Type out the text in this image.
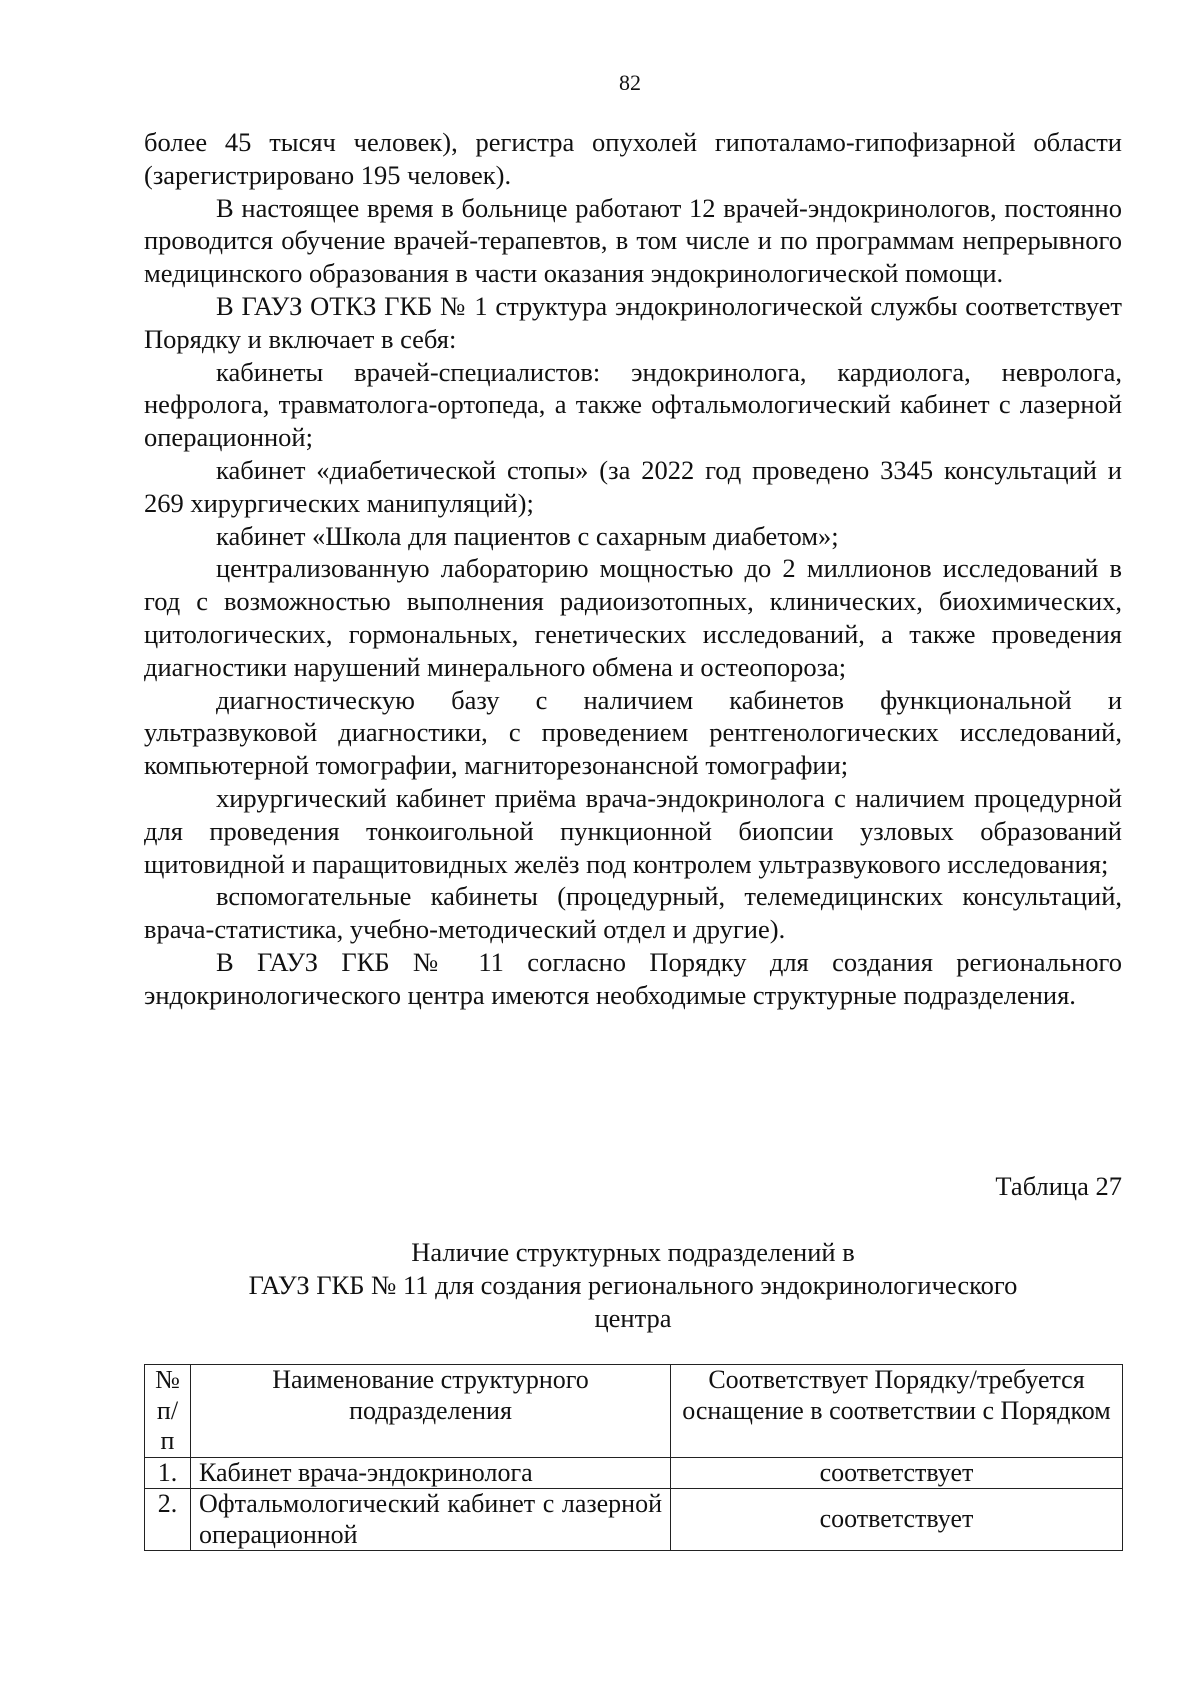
82

более 45 тысяч человек), регистра опухолей гипоталамо-гипофизарной области (зарегистрировано 195 человек).

В настоящее время в больнице работают 12 врачей-эндокринологов, постоянно проводится обучение врачей-терапевтов, в том числе и по программам непрерывного медицинского образования в части оказания эндокринологической помощи.

В ГАУЗ ОТКЗ ГКБ № 1 структура эндокринологической службы соответствует Порядку и включает в себя:

кабинеты врачей-специалистов: эндокринолога, кардиолога, невролога, нефролога, травматолога-ортопеда, а также офтальмологический кабинет с лазерной операционной;

кабинет «диабетической стопы» (за 2022 год проведено 3345 консультаций и 269 хирургических манипуляций);

кабинет «Школа для пациентов с сахарным диабетом»;

централизованную лабораторию мощностью до 2 миллионов исследований в год с возможностью выполнения радиоизотопных, клинических, биохимических, цитологических, гормональных, генетических исследований, а также проведения диагностики нарушений минерального обмена и остеопороза;

диагностическую базу с наличием кабинетов функциональной и ультразвуковой диагностики, с проведением рентгенологических исследований, компьютерной томографии, магниторезонансной томографии;

хирургический кабинет приёма врача-эндокринолога с наличием процедурной для проведения тонкоигольной пункционной биопсии узловых образований щитовидной и паращитовидных желёз под контролем ультразвукового исследования;

вспомогательные кабинеты (процедурный, телемедицинских консультаций, врача-статистика, учебно-методический отдел и другие).

В ГАУЗ ГКБ № 11 согласно Порядку для создания регионального эндокринологического центра имеются необходимые структурные подразделения.

Таблица 27
Наличие структурных подразделений в
ГАУЗ ГКБ № 11 для создания регионального эндокринологического
центра
№ п/ п	Наименование структурного подразделения	Соответствует Порядку/требуется оснащение в соответствии с Порядком
1.	Кабинет врача-эндокринолога	соответствует
2.	Офтальмологический кабинет с лазерной операционной	соответствует
